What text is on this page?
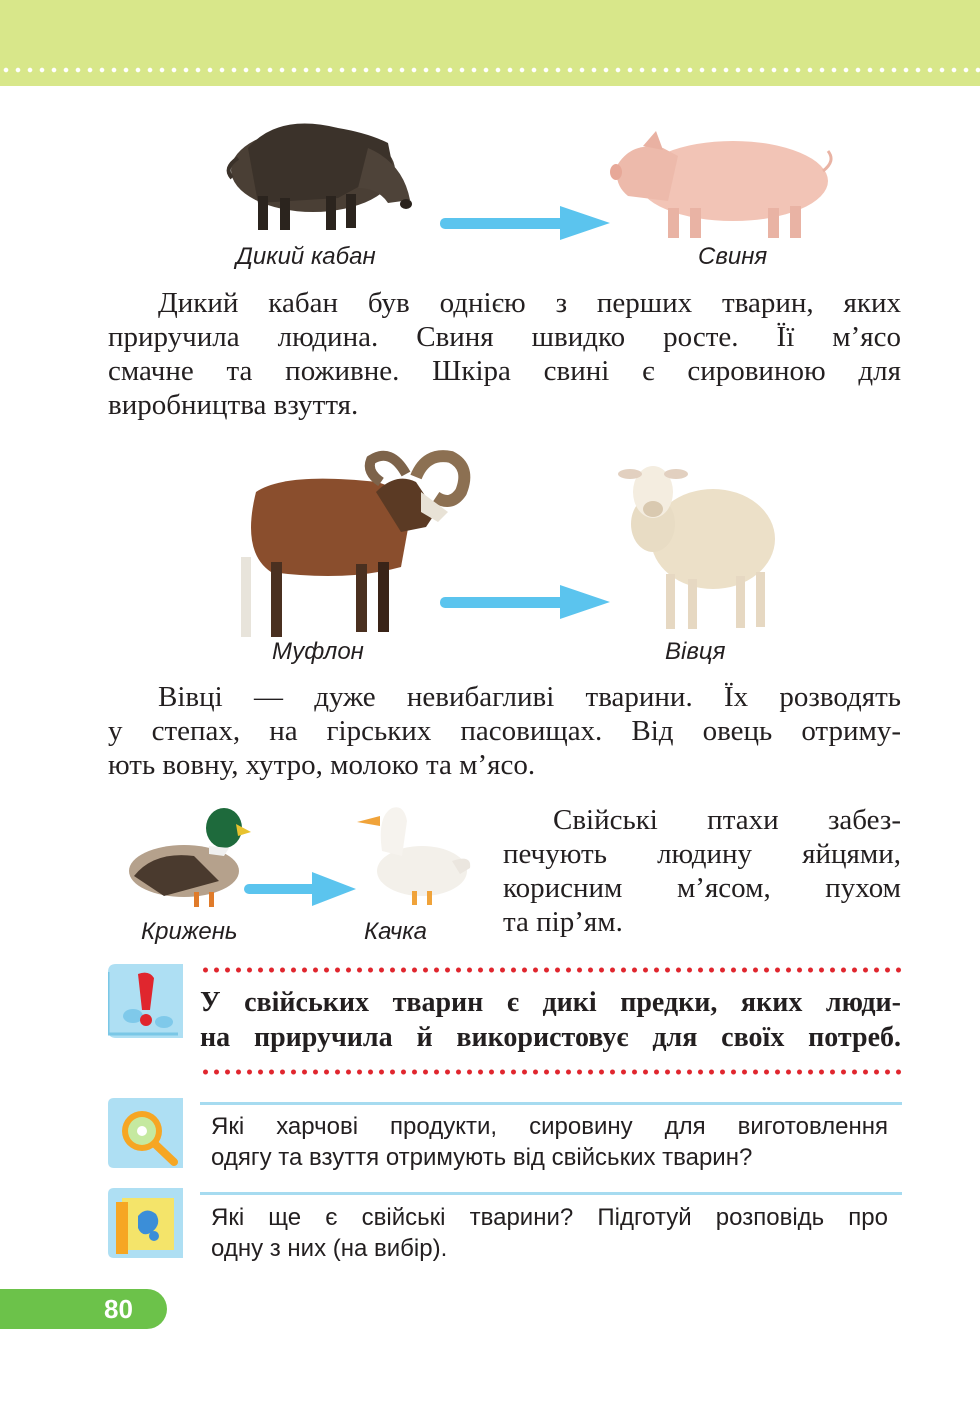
Дикий кабан	Свиня

Дикий кабан був однією з перших тварин, яких

приручила людина. Свиня швидко росте. Її м’ясо

смачне та поживне. Шкіра свині є сировиною для

виробництва взуття.

Муфлон	Вівця

Вівці — дуже невибагливі тварини. Їх розводять

у степах, на гірських пасовищах. Від овець отриму-

ють вовну, хутро, молоко та м’ясо.

Крижень	Качка

Свійські птахи забез-

печують людину яйцями,

корисним м’ясом, пухом

та пір’ям.

У свійських тварин є дикі предки, яких люди-

на приручила й використовує для своїх потреб.

Які харчові продукти, сировину для виготовлення

одягу та взуття отримують від свійських тварин?

Які ще є свійські тварини? Підготуй розповідь про

одну з них (на вибір).

80
